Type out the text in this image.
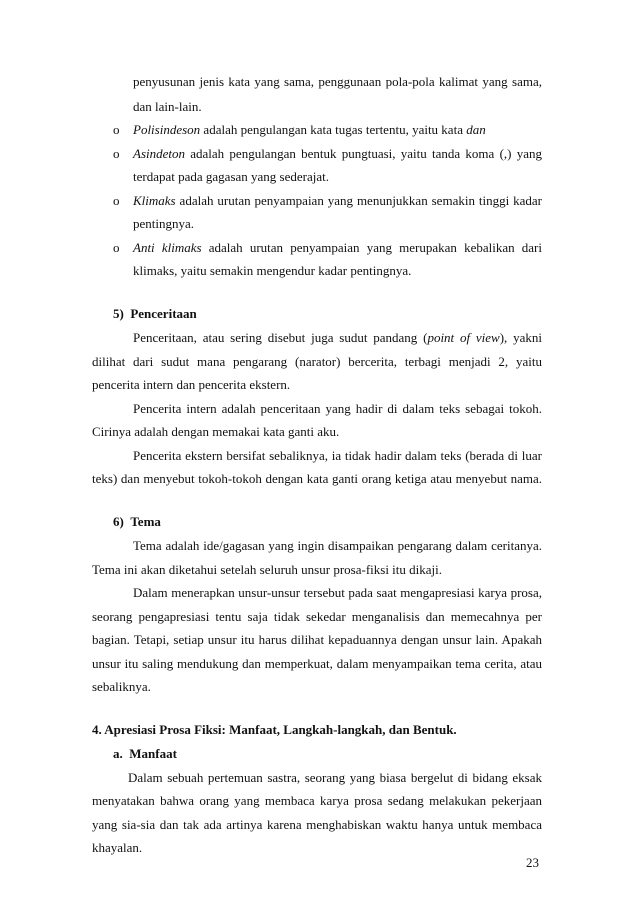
penyusunan jenis kata yang sama, penggunaan pola-pola kalimat yang sama,
dan lain-lain.
o Polisindeson adalah pengulangan kata tugas tertentu, yaitu kata dan
o Asindeton adalah pengulangan bentuk pungtuasi, yaitu tanda koma (,) yang
terdapat pada gagasan yang sederajat.
o Klimaks adalah urutan penyampaian yang menunjukkan semakin tinggi kadar
pentingnya.
o Anti klimaks adalah urutan penyampaian yang merupakan kebalikan dari
klimaks, yaitu semakin mengendur kadar pentingnya.
5)  Penceritaan
Penceritaan, atau sering disebut juga sudut pandang (point of view), yakni
dilihat dari sudut mana pengarang (narator) bercerita, terbagi menjadi 2, yaitu
pencerita intern dan pencerita ekstern.
Pencerita intern adalah penceritaan yang hadir di dalam teks sebagai tokoh.
Cirinya adalah dengan memakai kata ganti aku.
Pencerita ekstern bersifat sebaliknya, ia tidak hadir dalam teks (berada di luar
teks) dan menyebut tokoh-tokoh dengan kata ganti orang ketiga atau menyebut nama.
6)  Tema
Tema adalah ide/gagasan yang ingin disampaikan pengarang dalam ceritanya.
Tema ini akan diketahui setelah seluruh unsur prosa-fiksi itu dikaji.
Dalam menerapkan unsur-unsur tersebut pada saat mengapresiasi karya prosa,
seorang pengapresiasi tentu saja tidak sekedar menganalisis dan memecahnya per
bagian. Tetapi, setiap unsur itu harus dilihat kepaduannya dengan unsur lain. Apakah
unsur itu saling mendukung dan memperkuat, dalam menyampaikan tema cerita, atau
sebaliknya.
4. Apresiasi Prosa Fiksi: Manfaat, Langkah-langkah, dan Bentuk.
a.  Manfaat
Dalam sebuah pertemuan sastra, seorang yang biasa bergelut di bidang eksak
menyatakan bahwa orang yang membaca karya prosa sedang melakukan pekerjaan
yang sia-sia dan tak ada artinya karena menghabiskan waktu hanya untuk membaca
khayalan.
23
